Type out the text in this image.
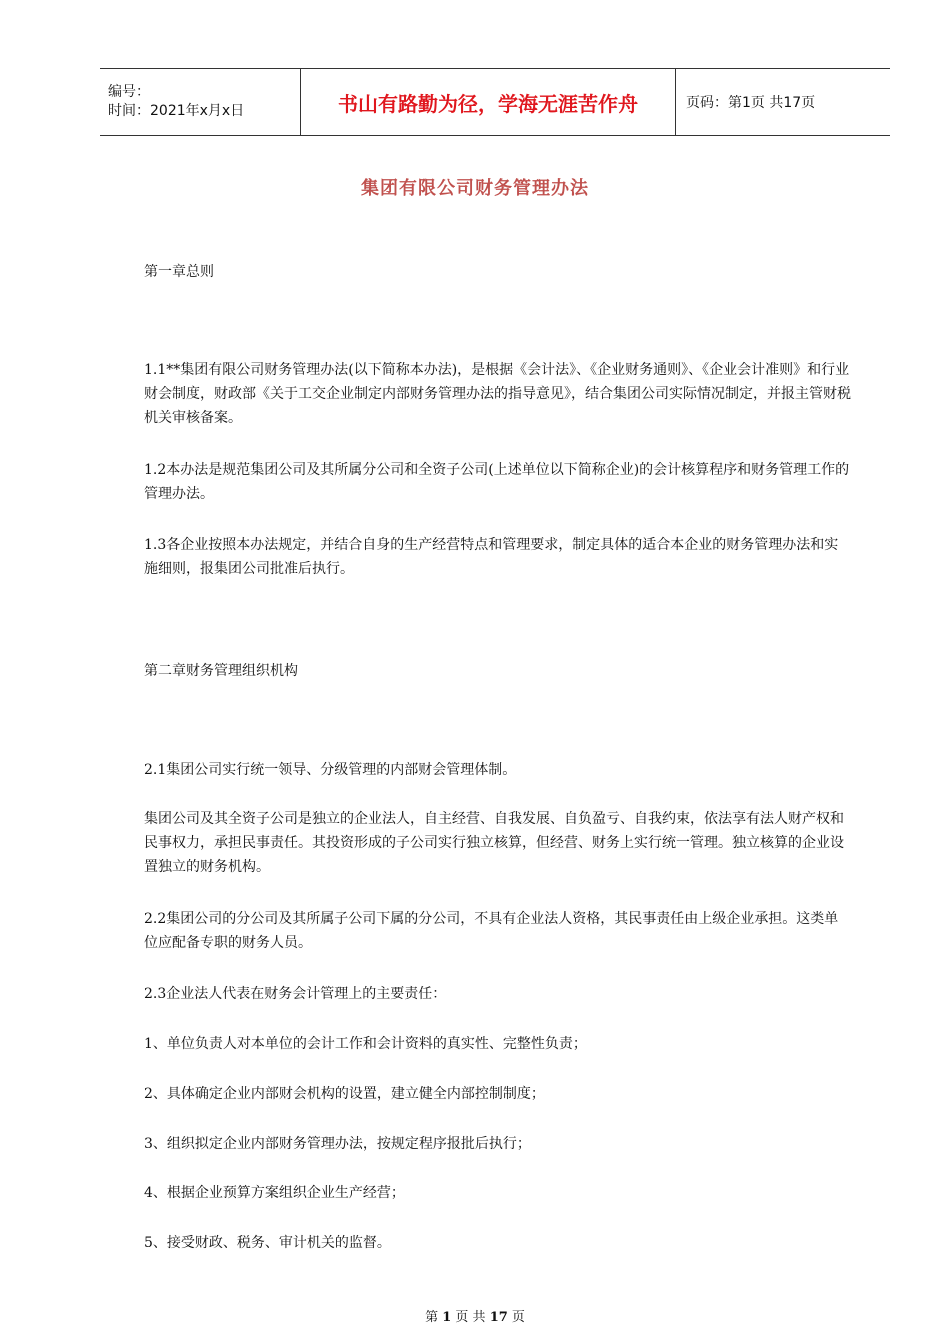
编号：
时间：2021年x月x日	书山有路勤为径，学海无涯苦作舟	页码：第1页 共17页
集团有限公司财务管理办法

第一章总则

1.1**集团有限公司财务管理办法(以下简称本办法)，是根据《会计法》、《企业财务通则》、《企业会计准则》和行业财会制度，财政部《关于工交企业制定内部财务管理办法的指导意见》，结合集团公司实际情况制定，并报主管财税机关审核备案。

1.2本办法是规范集团公司及其所属分公司和全资子公司(上述单位以下简称企业)的会计核算程序和财务管理工作的管理办法。

1.3各企业按照本办法规定，并结合自身的生产经营特点和管理要求，制定具体的适合本企业的财务管理办法和实施细则，报集团公司批准后执行。

第二章财务管理组织机构

2.1集团公司实行统一领导、分级管理的内部财会管理体制。

集团公司及其全资子公司是独立的企业法人，自主经营、自我发展、自负盈亏、自我约束，依法享有法人财产权和民事权力，承担民事责任。其投资形成的子公司实行独立核算，但经营、财务上实行统一管理。独立核算的企业设置独立的财务机构。

2.2集团公司的分公司及其所属子公司下属的分公司，不具有企业法人资格，其民事责任由上级企业承担。这类单位应配备专职的财务人员。

2.3企业法人代表在财务会计管理上的主要责任：

1、单位负责人对本单位的会计工作和会计资料的真实性、完整性负责；

2、具体确定企业内部财会机构的设置，建立健全内部控制制度；

3、组织拟定企业内部财务管理办法，按规定程序报批后执行；

4、根据企业预算方案组织企业生产经营；

5、接受财政、税务、审计机关的监督。

第 1 页 共 17 页
